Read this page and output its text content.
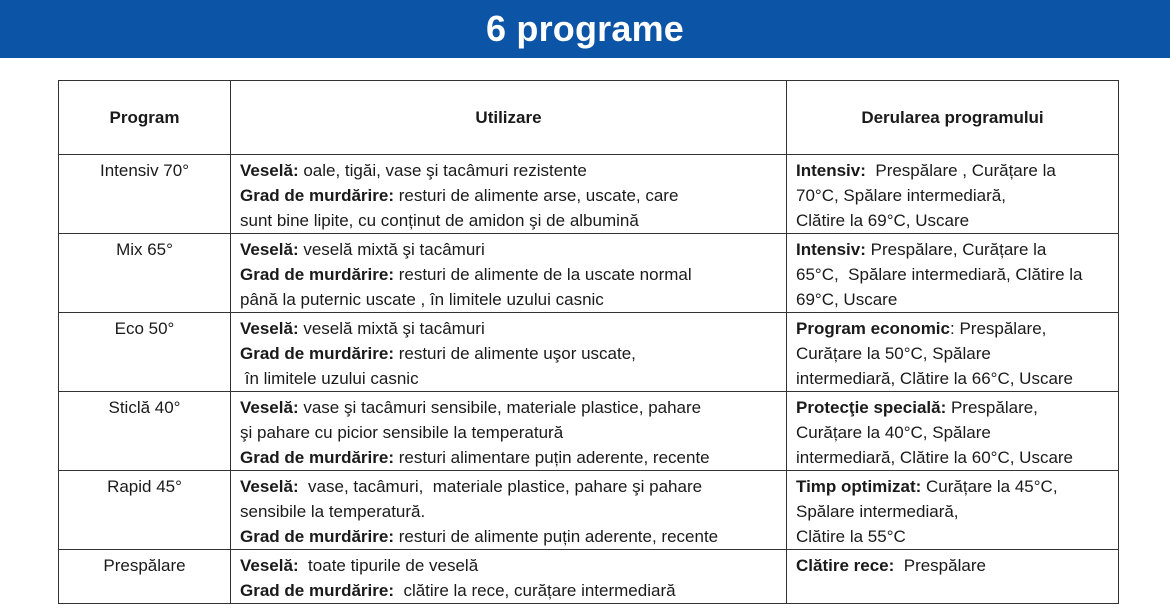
6 programe
Program	Utilizare	Derularea programului
Intensiv 70°	Veselă: oale, tigăi, vase şi tacâmuri rezistente
Grad de murdărire: resturi de alimente arse, uscate, care
sunt bine lipite, cu conținut de amidon şi de albumină	Intensiv:  Prespălare , Curățare la
70°C, Spălare intermediară,
Clătire la 69°C, Uscare

Mix 65°	Veselă: veselă mixtă şi tacâmuri
Grad de murdărire: resturi de alimente de la uscate normal
până la puternic uscate , în limitele uzului casnic	Intensiv: Prespălare, Curățare la
65°C,  Spălare intermediară, Clătire la
69°C, Uscare

Eco 50°	Veselă: veselă mixtă şi tacâmuri
Grad de murdărire: resturi de alimente uşor uscate,
în limitele uzului casnic	Program economic: Prespălare,
Curățare la 50°C, Spălare
intermediară, Clătire la 66°C, Uscare

Sticlă 40°	Veselă: vase şi tacâmuri sensibile, materiale plastice, pahare
şi pahare cu picior sensibile la temperatură
Grad de murdărire: resturi alimentare puțin aderente, recente	Protecţie specială: Prespălare,
Curățare la 40°C, Spălare
intermediară, Clătire la 60°C, Uscare

Rapid 45°	Veselă:  vase, tacâmuri,  materiale plastice, pahare şi pahare
sensibile la temperatură.
Grad de murdărire: resturi de alimente puțin aderente, recente	Timp optimizat: Curățare la 45°C,
Spălare intermediară,
Clătire la 55°C

Prespălare	Veselă:  toate tipurile de veselă
Grad de murdărire:  clătire la rece, curățare intermediară	Clătire rece:  Prespălare
